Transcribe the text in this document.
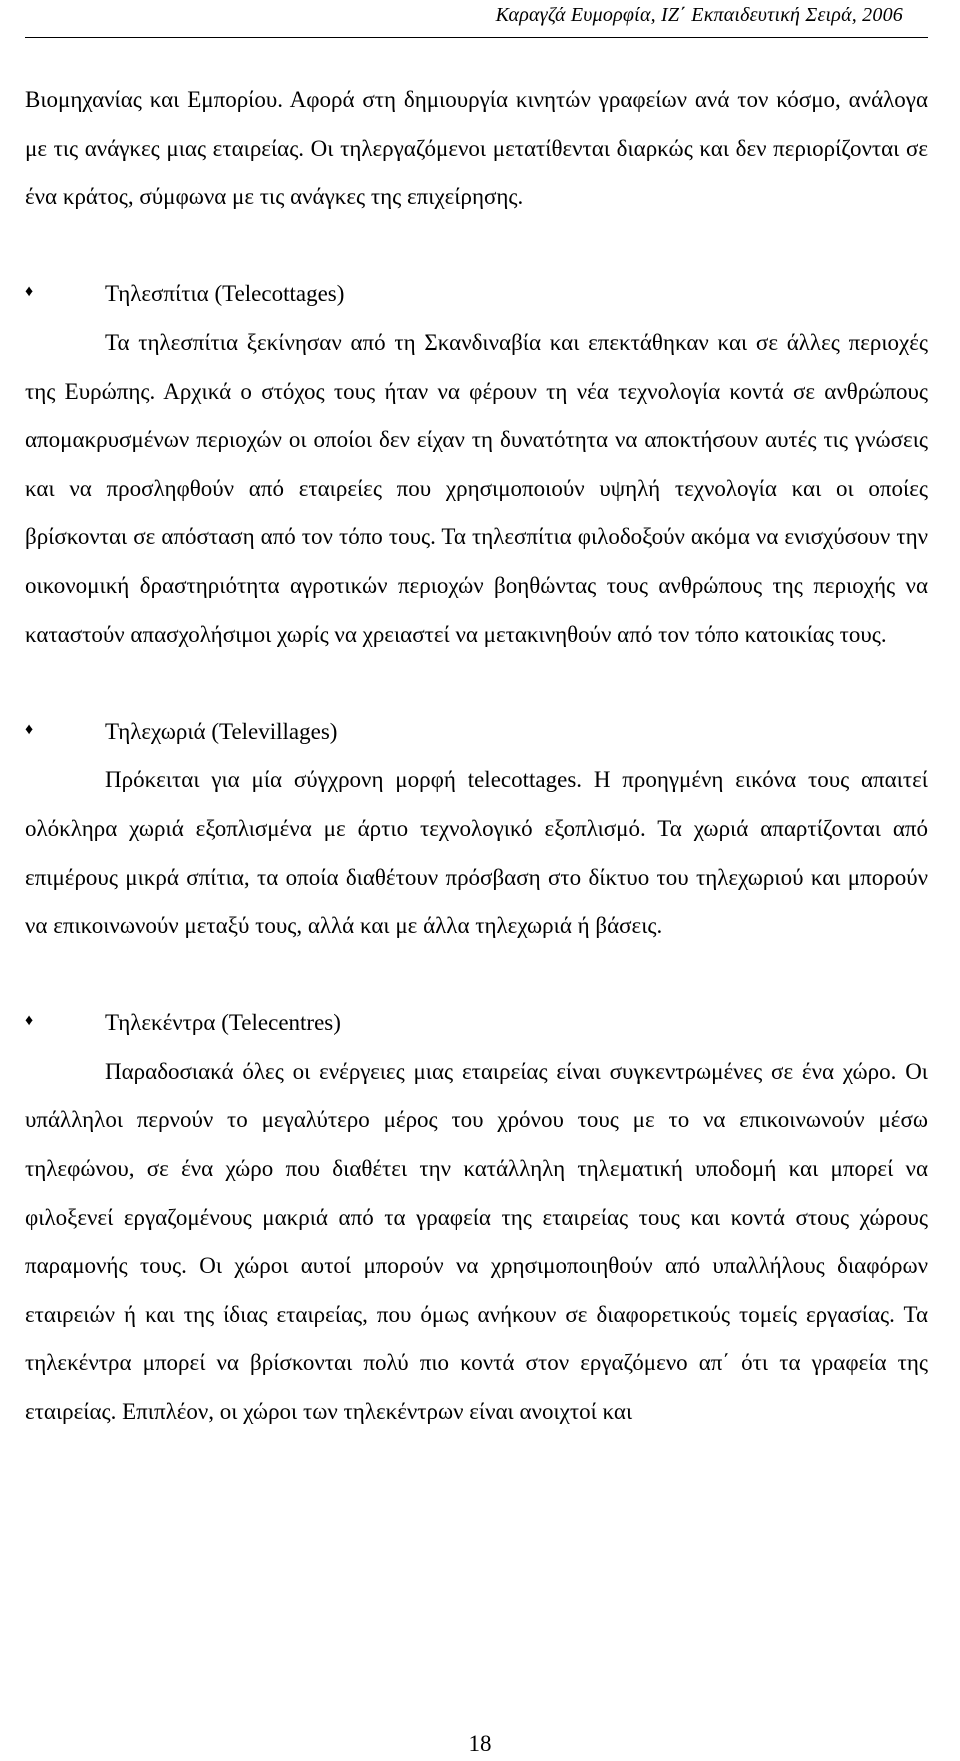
Καραγζά Ευμορφία, ΙΖ΄ Εκπαιδευτική Σειρά, 2006

Βιομηχανίας και Εμπορίου. Αφορά στη δημιουργία κινητών γραφείων ανά τον κόσμο, ανάλογα με τις ανάγκες μιας εταιρείας. Οι τηλεργαζόμενοι μετατίθενται διαρκώς και δεν περιορίζονται σε ένα κράτος, σύμφωνα με τις ανάγκες της επιχείρησης.

♦	Τηλεσπίτια (Telecottages)

Τα τηλεσπίτια ξεκίνησαν από τη Σκανδιναβία και επεκτάθηκαν και σε άλλες περιοχές της Ευρώπης. Αρχικά ο στόχος τους ήταν να φέρουν τη νέα τεχνολογία κοντά σε ανθρώπους απομακρυσμένων περιοχών οι οποίοι δεν είχαν τη δυνατότητα να αποκτήσουν αυτές τις γνώσεις και να προσληφθούν από εταιρείες που χρησιμοποιούν υψηλή τεχνολογία και οι οποίες βρίσκονται σε απόσταση από τον τόπο τους. Τα τηλεσπίτια φιλοδοξούν ακόμα να ενισχύσουν την οικονομική δραστηριότητα αγροτικών περιοχών βοηθώντας τους ανθρώπους της περιοχής να καταστούν απασχολήσιμοι χωρίς να χρειαστεί να μετακινηθούν από τον τόπο κατοικίας τους.

♦	Τηλεχωριά (Televillages)

Πρόκειται για μία σύγχρονη μορφή telecottages. Η προηγμένη εικόνα τους απαιτεί ολόκληρα χωριά εξοπλισμένα με άρτιο τεχνολογικό εξοπλισμό. Τα χωριά απαρτίζονται από επιμέρους μικρά σπίτια, τα οποία διαθέτουν πρόσβαση στο δίκτυο του τηλεχωριού και μπορούν να επικοινωνούν μεταξύ τους, αλλά και με άλλα τηλεχωριά ή βάσεις.

♦	Τηλεκέντρα (Telecentres)

Παραδοσιακά όλες οι ενέργειες μιας εταιρείας είναι συγκεντρωμένες σε ένα χώρο. Οι υπάλληλοι περνούν το μεγαλύτερο μέρος του χρόνου τους με το να επικοινωνούν μέσω τηλεφώνου, σε ένα χώρο που διαθέτει την κατάλληλη τηλεματική υποδομή και μπορεί να φιλοξενεί εργαζομένους μακριά από τα γραφεία της εταιρείας τους και κοντά στους χώρους παραμονής τους. Οι χώροι αυτοί μπορούν να χρησιμοποιηθούν από υπαλλήλους διαφόρων εταιρειών ή και της ίδιας εταιρείας, που όμως ανήκουν σε διαφορετικούς τομείς εργασίας. Τα τηλεκέντρα μπορεί να βρίσκονται πολύ πιο κοντά στον εργαζόμενο απ΄ ότι τα γραφεία της εταιρείας. Επιπλέον, οι χώροι των τηλεκέντρων είναι ανοιχτοί και

18
